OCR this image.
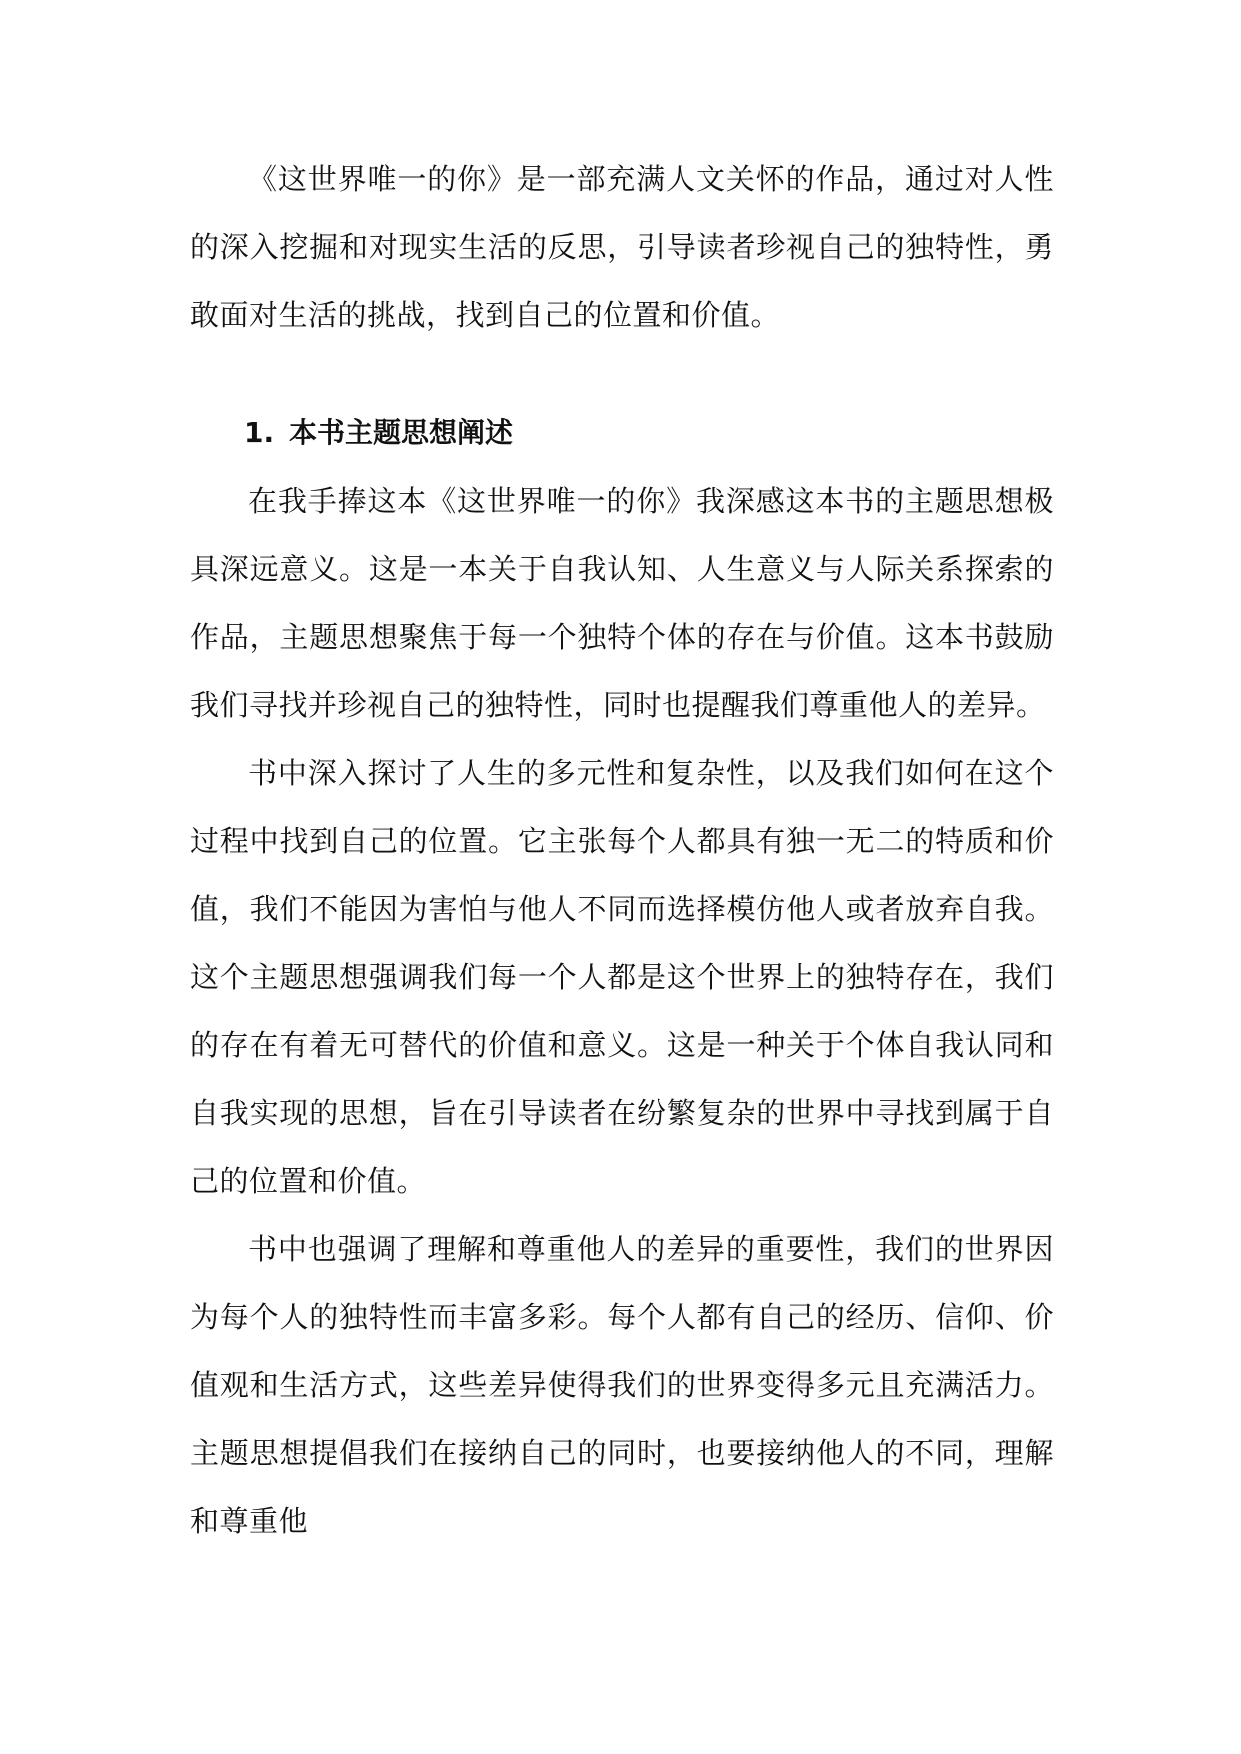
《这世界唯一的你》是一部充满人文关怀的作品，通过对人性的深入挖掘和对现实生活的反思，引导读者珍视自己的独特性，勇敢面对生活的挑战，找到自己的位置和价值。

1. 本书主题思想阐述

在我手捧这本《这世界唯一的你》我深感这本书的主题思想极具深远意义。这是一本关于自我认知、人生意义与人际关系探索的作品，主题思想聚焦于每一个独特个体的存在与价值。这本书鼓励我们寻找并珍视自己的独特性，同时也提醒我们尊重他人的差异。

书中深入探讨了人生的多元性和复杂性，以及我们如何在这个过程中找到自己的位置。它主张每个人都具有独一无二的特质和价值，我们不能因为害怕与他人不同而选择模仿他人或者放弃自我。这个主题思想强调我们每一个人都是这个世界上的独特存在，我们的存在有着无可替代的价值和意义。这是一种关于个体自我认同和自我实现的思想，旨在引导读者在纷繁复杂的世界中寻找到属于自己的位置和价值。

书中也强调了理解和尊重他人的差异的重要性，我们的世界因为每个人的独特性而丰富多彩。每个人都有自己的经历、信仰、价值观和生活方式，这些差异使得我们的世界变得多元且充满活力。主题思想提倡我们在接纳自己的同时，也要接纳他人的不同，理解和尊重他
